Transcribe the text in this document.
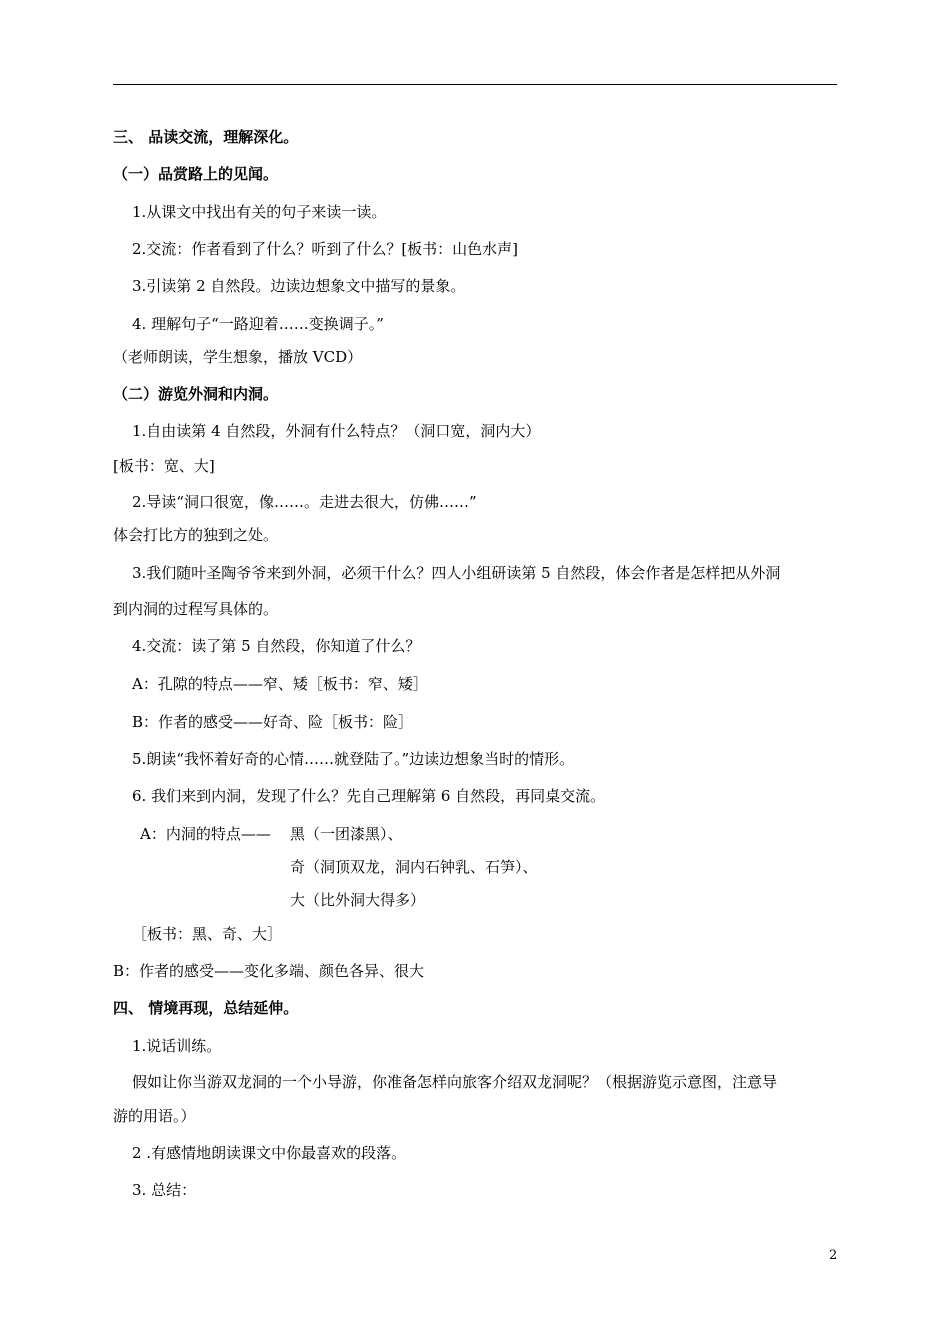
三、 品读交流，理解深化。
（一）品赏路上的见闻。
1.从课文中找出有关的句子来读一读。
2.交流：作者看到了什么？听到了什么？[板书：山色水声]
3.引读第 2 自然段。边读边想象文中描写的景象。
4. 理解句子“一路迎着……变换调子。”
（老师朗读，学生想象，播放 VCD）
（二）游览外洞和内洞。
1.自由读第 4 自然段，外洞有什么特点？（洞口宽，洞内大）
[板书：宽、大]
2.导读“洞口很宽，像……。走进去很大，仿佛……”
体会打比方的独到之处。
3.我们随叶圣陶爷爷来到外洞，必须干什么？四人小组研读第 5 自然段，体会作者是怎样把从外洞
到内洞的过程写具体的。
4.交流：读了第 5 自然段，你知道了什么？
A：孔隙的特点——窄、矮［板书：窄、矮］
B：作者的感受——好奇、险［板书：险］
5.朗读“我怀着好奇的心情……就登陆了。”边读边想象当时的情形。
6. 我们来到内洞，发现了什么？先自己理解第 6 自然段，再同桌交流。
A：内洞的特点—— 黑（一团漆黑）、
奇（洞顶双龙，洞内石钟乳、石笋）、
大（比外洞大得多）
［板书：黑、奇、大］
B：作者的感受——变化多端、颜色各异、很大
四、 情境再现，总结延伸。
1.说话训练。
假如让你当游双龙洞的一个小导游，你准备怎样向旅客介绍双龙洞呢？（根据游览示意图，注意导
游的用语。）
2 .有感情地朗读课文中你最喜欢的段落。
3. 总结：
2
